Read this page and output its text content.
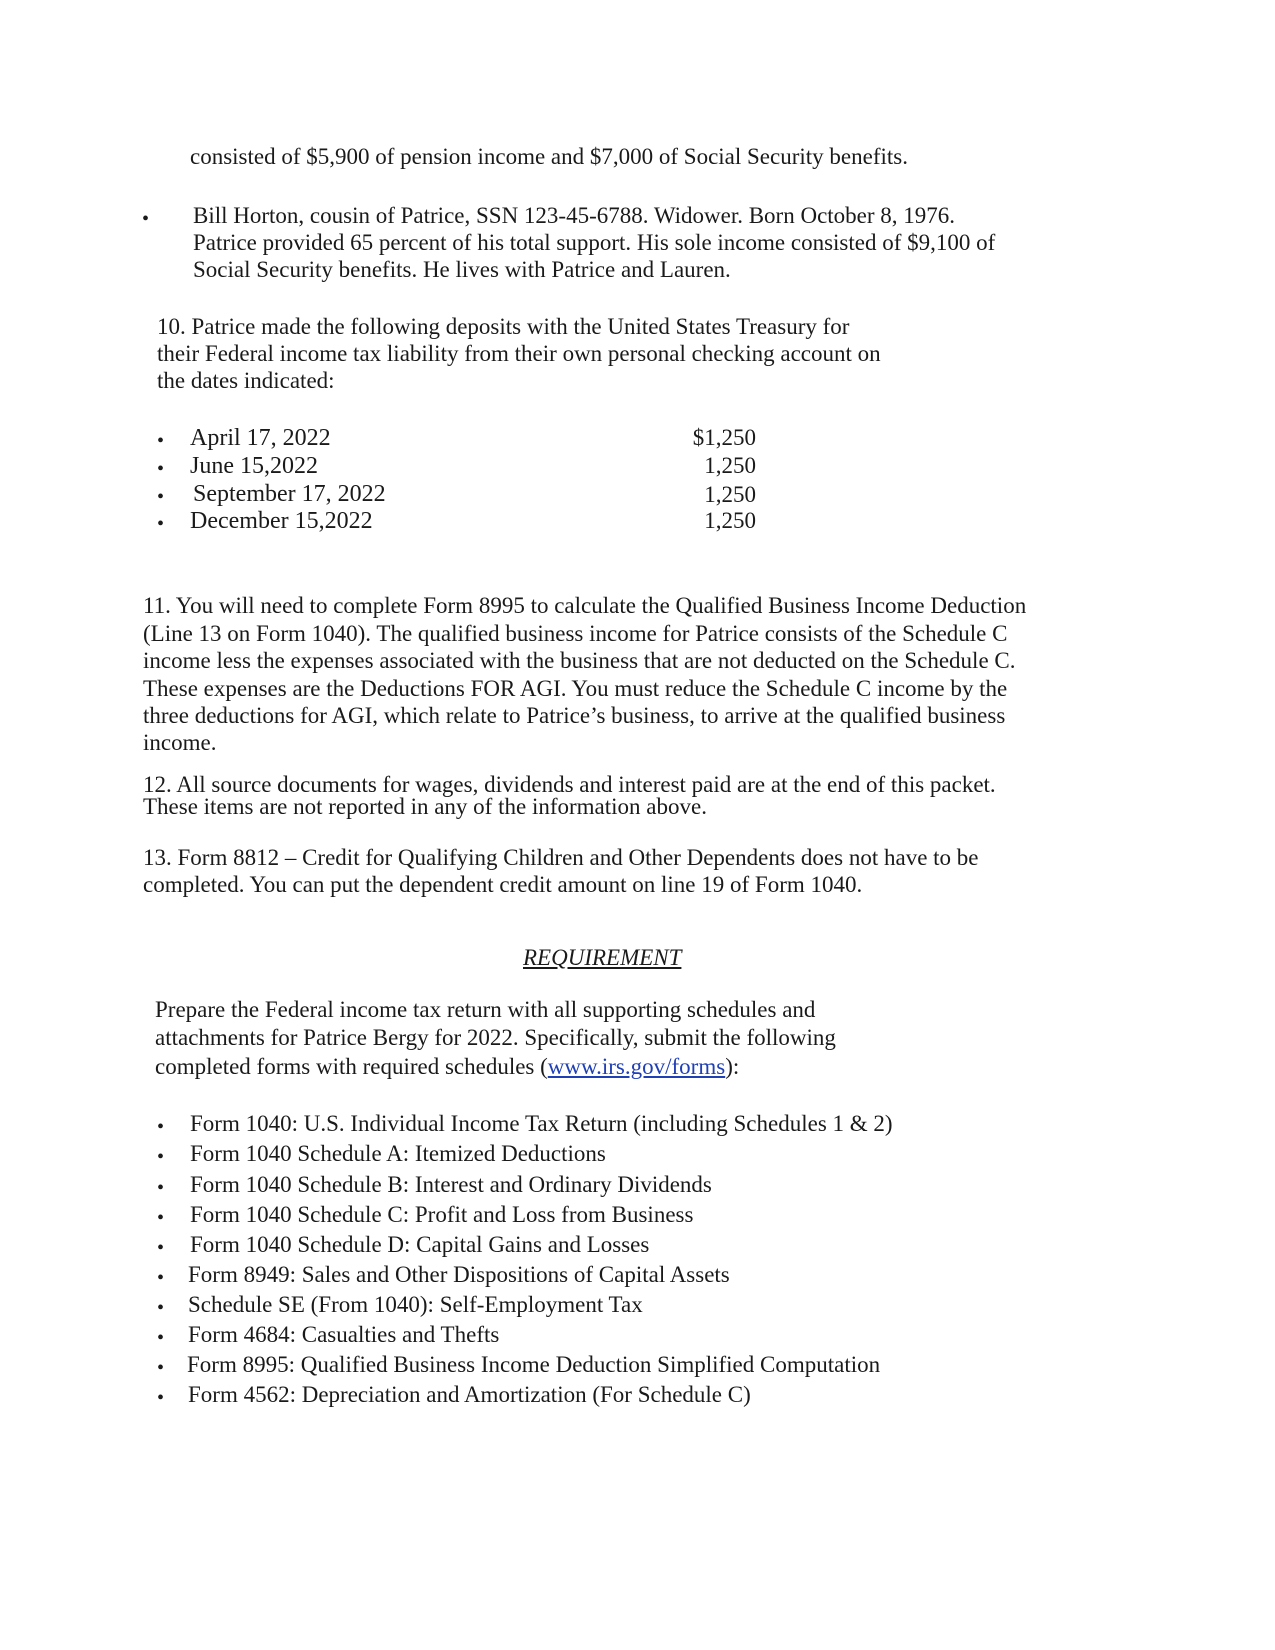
consisted of $5,900 of pension income and $7,000 of Social Security benefits.
• Bill Horton, cousin of Patrice, SSN 123-45-6788. Widower. Born October 8, 1976.
Patrice provided 65 percent of his total support. His sole income consisted of $9,100 of
Social Security benefits. He lives with Patrice and Lauren.
10. Patrice made the following deposits with the United States Treasury for
their Federal income tax liability from their own personal checking account on
the dates indicated:
• April 17, 2022	$1,250
• June 15,2022	1,250
• September 17, 2022	1,250
• December 15,2022	1,250
11. You will need to complete Form 8995 to calculate the Qualified Business Income Deduction
(Line 13 on Form 1040). The qualified business income for Patrice consists of the Schedule C
income less the expenses associated with the business that are not deducted on the Schedule C.
These expenses are the Deductions FOR AGI. You must reduce the Schedule C income by the
three deductions for AGI, which relate to Patrice’s business, to arrive at the qualified business
income.
12. All source documents for wages, dividends and interest paid are at the end of this packet.
These items are not reported in any of the information above.
13. Form 8812 – Credit for Qualifying Children and Other Dependents does not have to be
completed. You can put the dependent credit amount on line 19 of Form 1040.
REQUIREMENT
Prepare the Federal income tax return with all supporting schedules and
attachments for Patrice Bergy for 2022. Specifically, submit the following
completed forms with required schedules (www.irs.gov/forms):
• Form 1040: U.S. Individual Income Tax Return (including Schedules 1 & 2)
• Form 1040 Schedule A: Itemized Deductions
• Form 1040 Schedule B: Interest and Ordinary Dividends
• Form 1040 Schedule C: Profit and Loss from Business
• Form 1040 Schedule D: Capital Gains and Losses
• Form 8949: Sales and Other Dispositions of Capital Assets
• Schedule SE (From 1040): Self-Employment Tax
• Form 4684: Casualties and Thefts
• Form 8995: Qualified Business Income Deduction Simplified Computation
• Form 4562: Depreciation and Amortization (For Schedule C)
